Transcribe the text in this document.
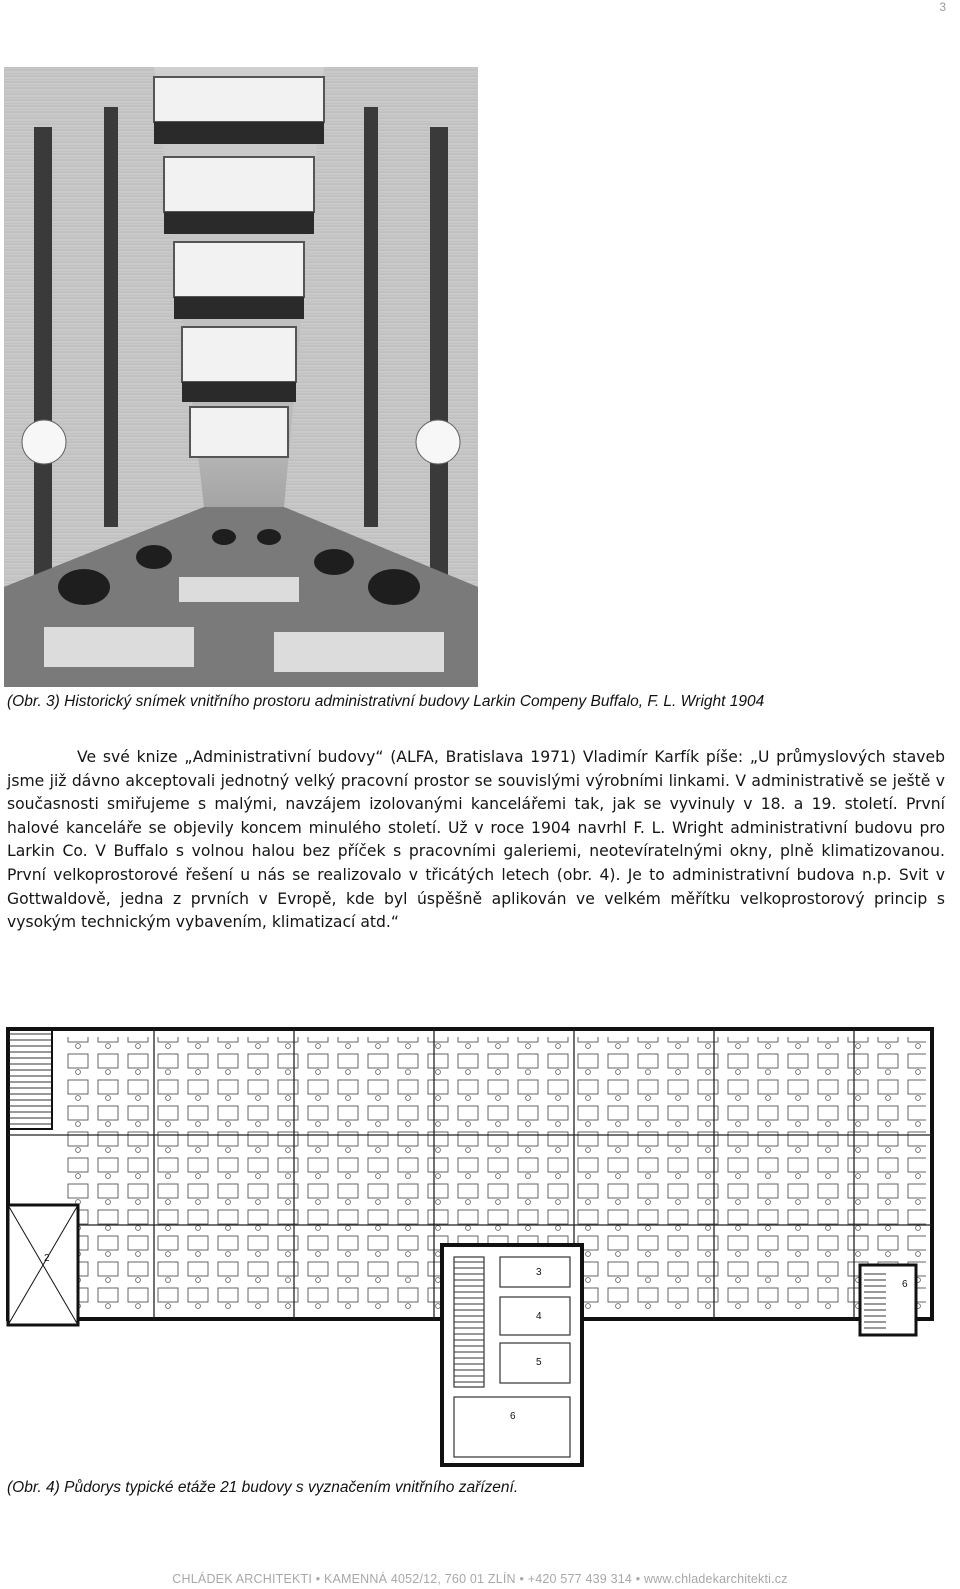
3
(Obr. 3) Historický snímek vnitřního prostoru administrativní budovy Larkin Compeny Buffalo, F. L. Wright 1904

Ve své knize „Administrativní budovy“ (ALFA, Bratislava 1971) Vladimír Karfík píše: „U průmyslových staveb jsme již dávno akceptovali jednotný velký pracovní prostor se souvislými výrobními linkami. V administrativě se ještě v současnosti smiřujeme s malými, navzájem izolovanými kancelářemi tak, jak se vyvinuly v 18. a 19. století. První halové kanceláře se objevily koncem minulého století. Už v roce 1904 navrhl F. L. Wright administrativní budovu pro Larkin Co. V Buffalo s volnou halou bez příček s pracovními galeriemi, neotevíratelnými okny, plně klimatizovanou. První velkoprostorové řešení u nás se realizovalo v třicátých letech (obr. 4). Je to administrativní budova n.p. Svit v Gottwaldově, jedna z prvních v Evropě, kde byl úspěšně aplikován ve velkém měřítku velkoprostorový princip s vysokým technickým vybavením, klimatizací atd.“

2
3
4
5
6
6
(Obr. 4) Půdorys typické etáže 21 budovy s vyznačením vnitřního zařízení.
CHLÁDEK ARCHITEKTI • KAMENNÁ 4052/12, 760 01 ZLÍN • +420 577 439 314 • www.chladekarchitekti.cz
